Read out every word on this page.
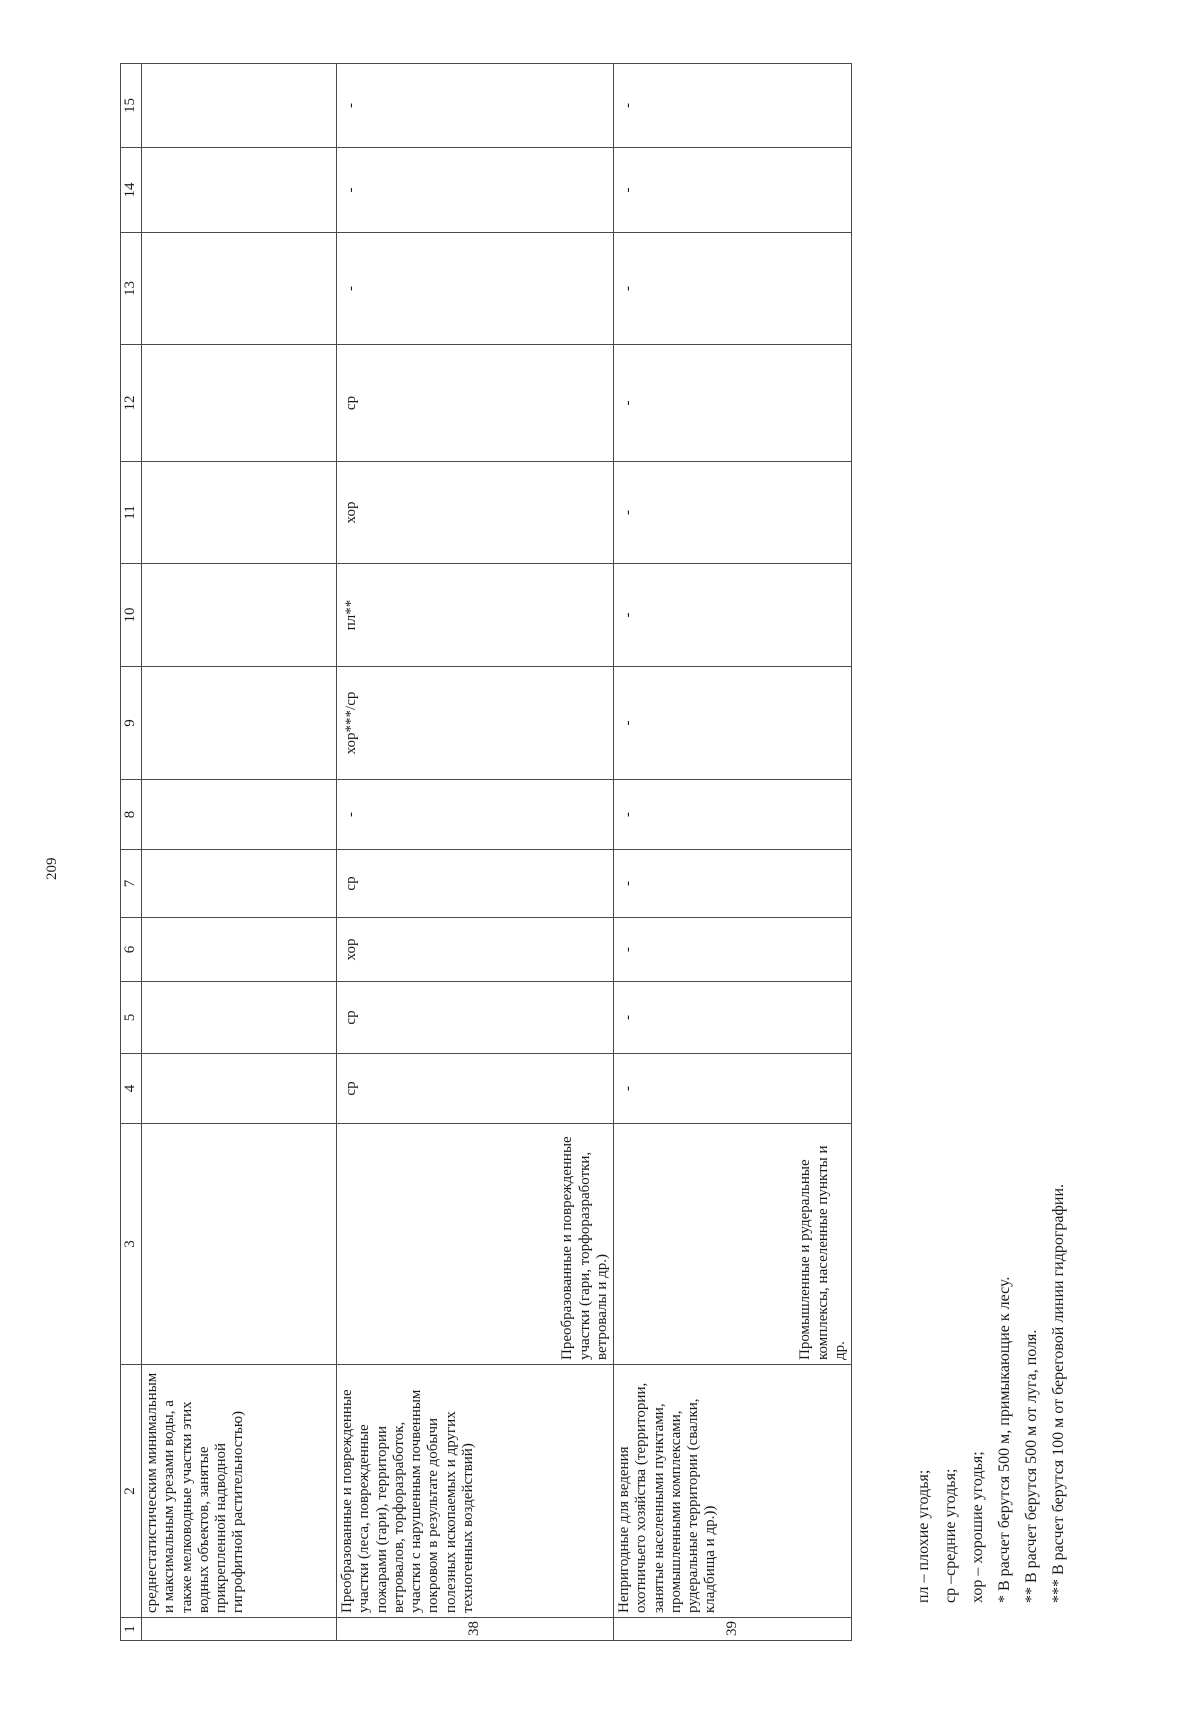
209
1	2	3	4	5	6	7	8	9	10	11	12	13	14	15
	среднестатистическим минимальным и максимальным урезами воды, а также мелководные участки этих водных объектов, занятые прикрепленной надводной гигрофитной растительностью)													
38	Преобразованные и поврежденные участки (леса, поврежденные пожарами (гари), территории ветровалов, торфоразработок, участки с нарушенным почвенным покровом в результате добычи полезных ископаемых и других техногенных воздействий)	Преобразованные и поврежденные участки (гари, торфоразработки, ветровалы и др.)	ср	ср	хор	ср	-	хор***/ср	пл**	хор	ср	-	-	-
39	Непригодные для ведения охотничьего хозяйства (территории, занятые населенными пунктами, промышленными комплексами, рудеральные территории (свалки, кладбища и др.))	Промышленные и рудеральные комплексы, населенные пункты и др.	-	-	-	-	-	-	-	-	-	-	-	-
пл – плохие угодья; ср –средние угодья; хор – хорошие угодья; * В расчет берутся 500 м, примыкающие к лесу. ** В расчет берутся 500 м от луга, поля. *** В расчет берутся 100 м от береговой линии гидрографии.
